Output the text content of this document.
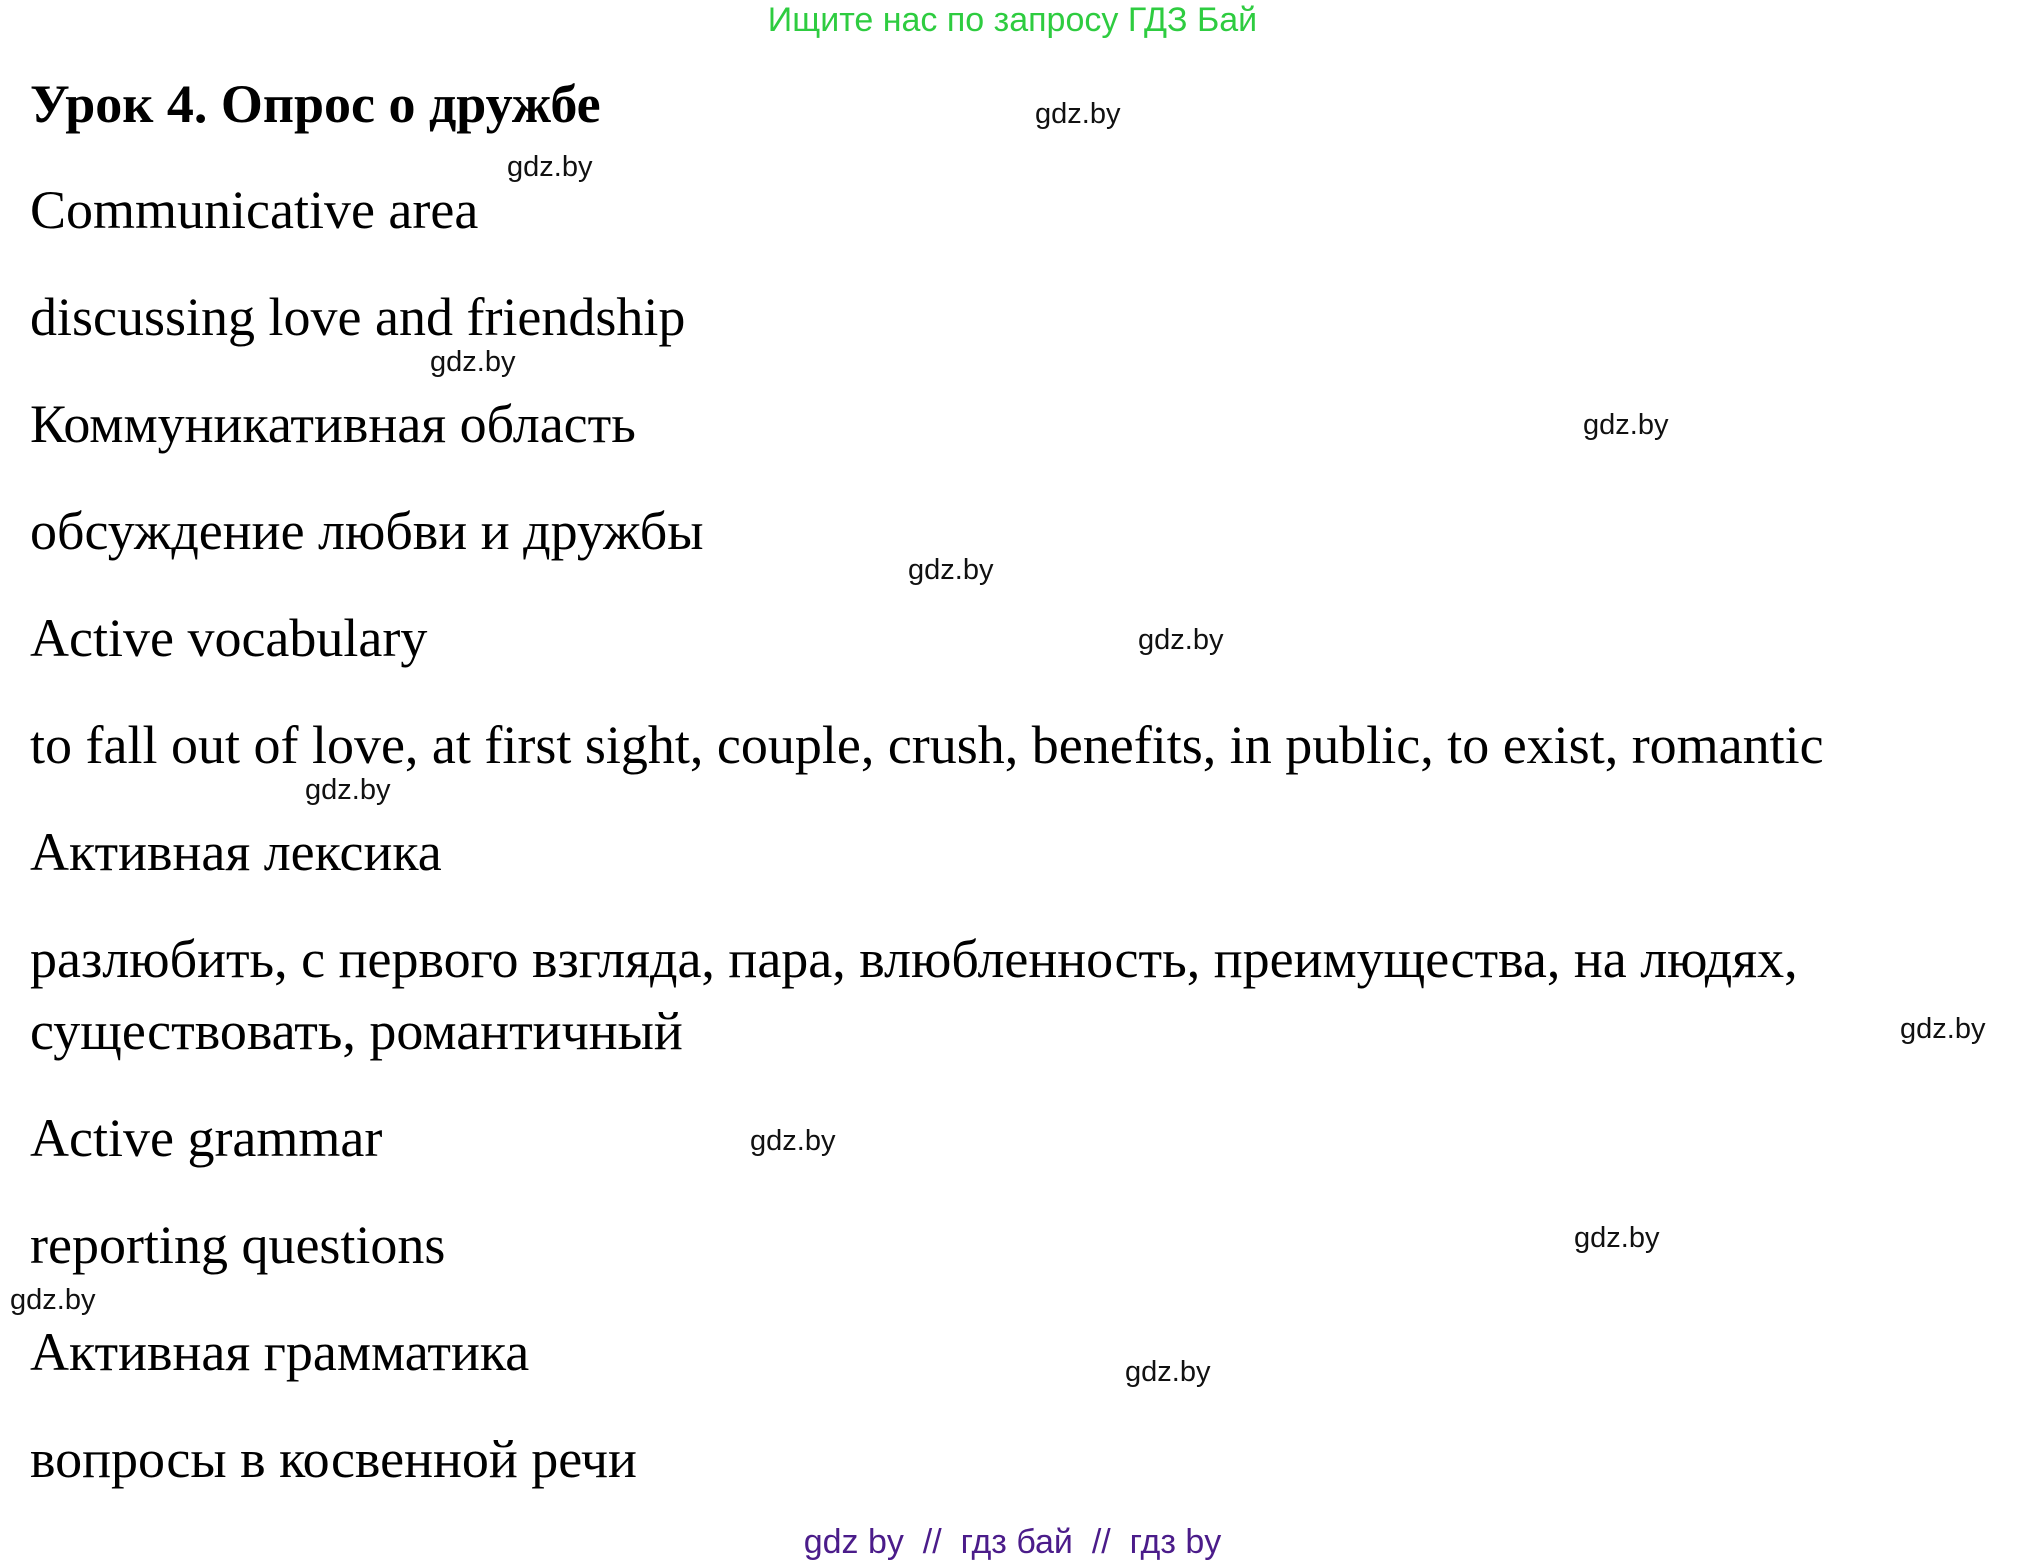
Ищите нас по запросу ГДЗ Бай
Урок 4. Опрос о дружбе
Communicative area
discussing love and friendship
Коммуникативная область
обсуждение любви и дружбы
Active vocabulary
to fall out of love, at first sight, couple, crush, benefits, in public, to exist, romantic
Активная лексика
разлюбить, с первого взгляда, пара, влюбленность, преимущества, на людях,
существовать, романтичный
Active grammar
reporting questions
Активная грамматика
вопросы в косвенной речи
gdz.by
gdz.by
gdz.by
gdz.by
gdz.by
gdz.by
gdz.by
gdz.by
gdz.by
gdz.by
gdz.by
gdz.by
gdz by  //  гдз бай  //  гдз by
